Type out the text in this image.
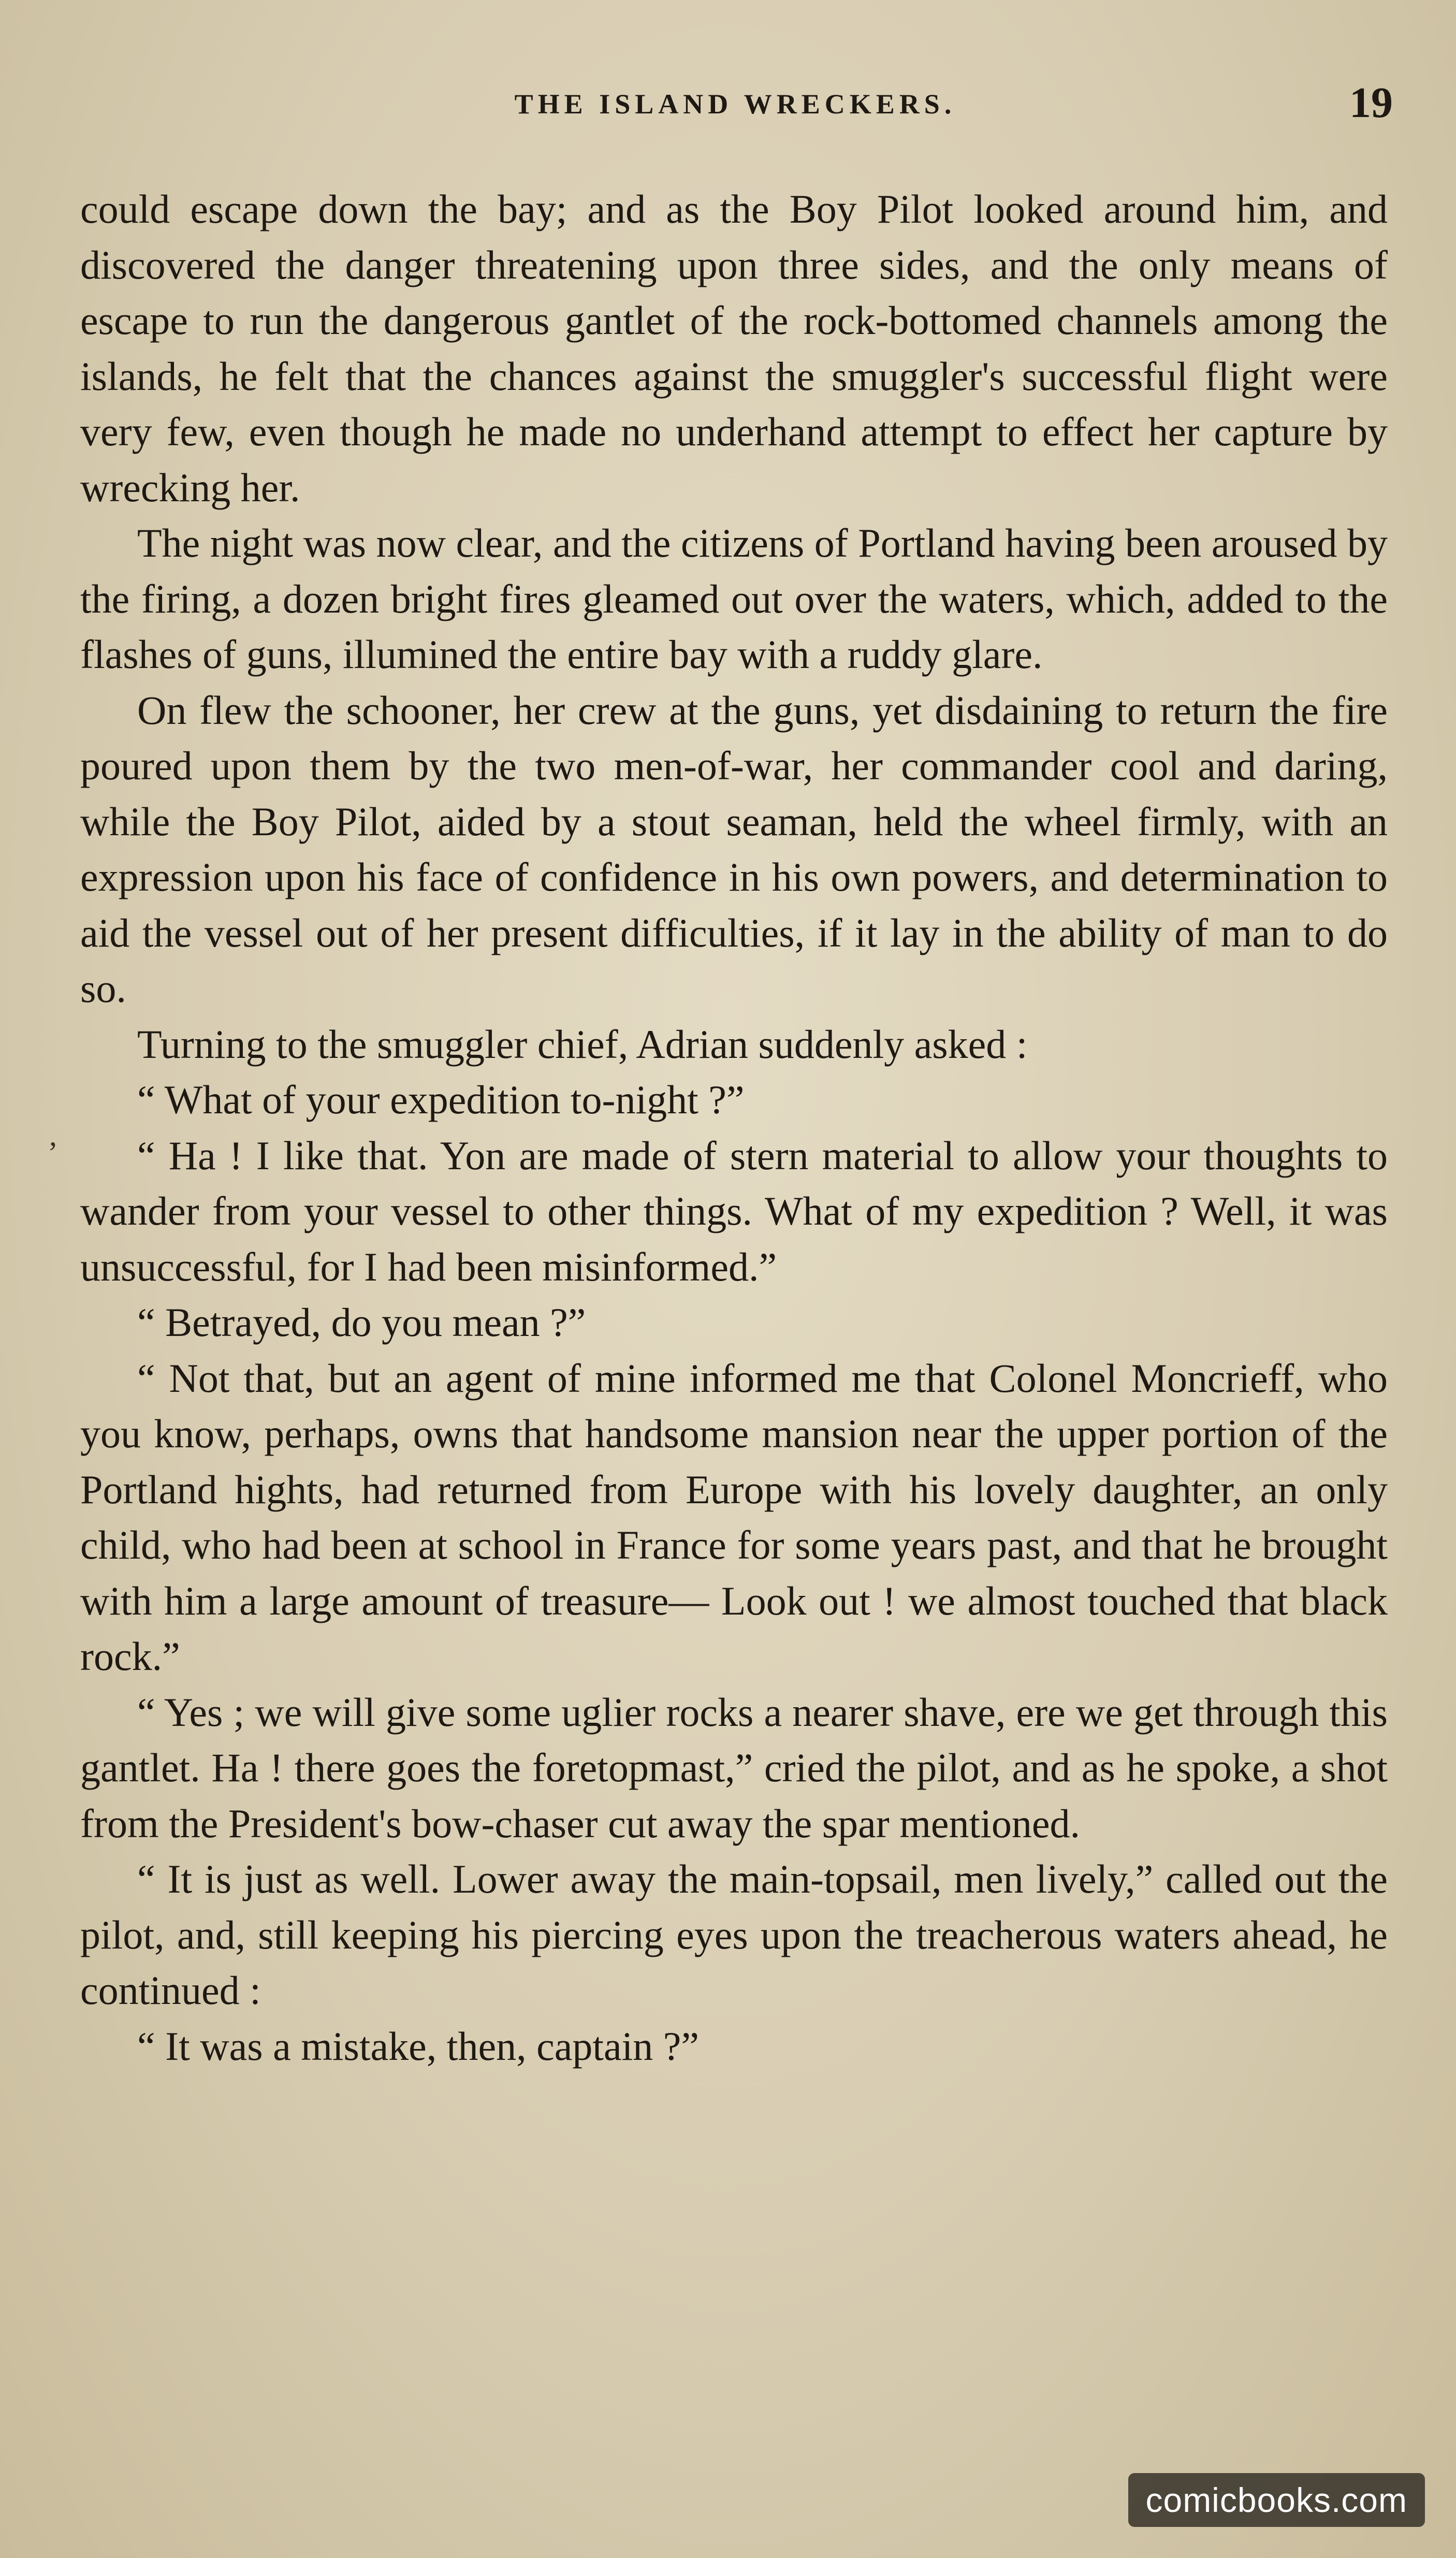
THE ISLAND WRECKERS.	19
’

could escape down the bay; and as the Boy Pilot looked around him, and discovered the danger threatening upon three sides, and the only means of escape to run the dangerous gantlet of the rock-bottomed channels among the islands, he felt that the chances against the smuggler's successful flight were very few, even though he made no underhand attempt to effect her capture by wrecking her.

The night was now clear, and the citizens of Portland having been aroused by the firing, a dozen bright fires gleamed out over the waters, which, added to the flashes of guns, illumined the entire bay with a ruddy glare.

On flew the schooner, her crew at the guns, yet disdaining to return the fire poured upon them by the two men-of-war, her commander cool and daring, while the Boy Pilot, aided by a stout seaman, held the wheel firmly, with an expression upon his face of confidence in his own powers, and determination to aid the vessel out of her present difficulties, if it lay in the ability of man to do so.

Turning to the smuggler chief, Adrian suddenly asked :

“ What of your expedition to-night ?”

“ Ha ! I like that. Yon are made of stern material to allow your thoughts to wander from your vessel to other things. What of my expedition ? Well, it was unsuccessful, for I had been misinformed.”

“ Betrayed, do you mean ?”

“ Not that, but an agent of mine informed me that Colonel Moncrieff, who you know, perhaps, owns that handsome mansion near the upper portion of the Portland hights, had returned from Europe with his lovely daughter, an only child, who had been at school in France for some years past, and that he brought with him a large amount of treasure— Look out ! we almost touched that black rock.”

“ Yes ; we will give some uglier rocks a nearer shave, ere we get through this gantlet. Ha ! there goes the foretopmast,” cried the pilot, and as he spoke, a shot from the President's bow-chaser cut away the spar mentioned.

“ It is just as well. Lower away the main-topsail, men lively,” called out the pilot, and, still keeping his piercing eyes upon the treacherous waters ahead, he continued :

“ It was a mistake, then, captain ?”

comicbooks.com
